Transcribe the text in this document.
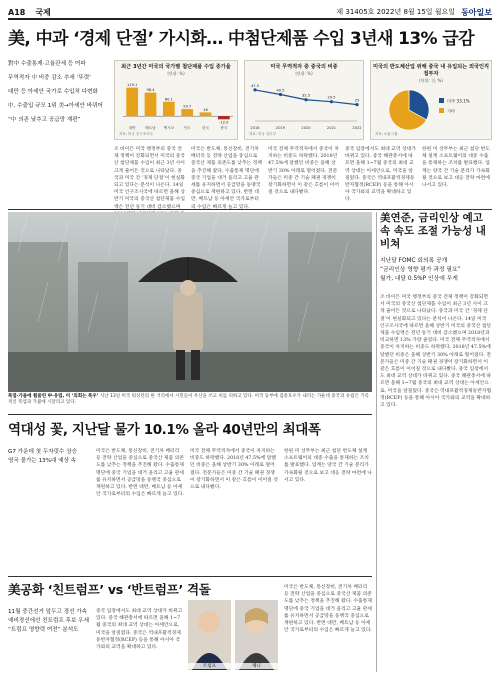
A18 국제	제 31405호 2022년 8월 15일 월요일 동아일보
美, 中과 ‘경제 단절’ 가시화… 中첨단제품 수입 3년새 13% 급감

對中 수출통제·고율관세 등 여파

무역적자 中 비중 감소 추세 ‘뚜렷’

대만 등 아세안 국가로 수입처 다변화

中, 수출입 규모 1위 美→아세안 바뀌어

“中 의존 낮추고 공급망 재편”

최근 3년간 미국의 국가별 첨단제품 수입 증가율
(단위: %)
119.1
대만
98.4
베트남
60.1
멕시코
29.7
인도
16
한국
-12.9
중국
자료: 미국 인구조사국
미국 무역적자 중 중국의 비중
(단위: %)
47.5
2018
40.5
2019
32.5
2020
29.5
2021
25
2022
자료: 미국 상무부
미국의 반도체산업 위해 중국 내 유입되는 외국인직접투자
(단위: 건, %)
미국 33.1%
기타
자료: 로듐그룹
조 바이든 미국 행정부의 중국 견제 정책이 강화되면서 미국의 중국산 첨단제품 수입이 최근 3년 사이 크게 줄어든 것으로 나타났다. 중국과 미국 간 ‘경제 단절’이 현실화되고 있다는 분석이 나온다. 14일 미국 인구조사국에 따르면 올해 상반기 미국의 중국산 첨단제품 수입액은 전년 동기 대비 감소했으며
미국은 반도체, 통신장비, 전기차 배터리 등 전략 산업을 중심으로 중국산 제품 의존도를 낮추는 정책을 추진해 왔다. 수출통제 명단에 중국 기업을 대거 올리고 고율 관세를 유지하면서 공급망을 동맹국 중심으로 재편하고 있다. 반면 대만, 베트남 등 아세안 국가로부터의 수입은 빠르게 늘고 있다.
미국 전체 무역적자에서 중국이 차지하는 비중도 하락했다. 2018년 47.5%에 달했던 비중은 올해 상반기 30% 아래로 떨어졌다. 전문가들은 미중 간 기술 패권 경쟁이 장기화하면서 이 같은 흐름이 이어질 것으로 내다봤다.
중국 입장에서도 최대 교역 상대가 바뀌고 있다. 중국 해관총서에 따르면 올해 1~7월 중국의 최대 교역 상대는 아세안으로, 미국을 앞질렀다. 중국은 역내포괄적경제동반자협정(RCEP) 등을 통해 아시아 국가와의 교역을 확대하고 있다.
한편 미 상무부는 최근 첨단 반도체 설계 소프트웨어의 대중 수출을 통제하는 조치를 발표했다. 업계는 양국 간 기술 분리가 가속화될 것으로 보고 대응 전략 마련에 나서고 있다.
폭염·가뭄에 휩쓸린 中·유럽, 미 ‘의회는 폭우’ 지난 13일 미국 워싱턴의 한 거리에서 시민들이 우산을 쓰고 비를 피하고 있다. 미국 동부에 집중호우가 내리는 가운데 중국과 유럽은 기록적인 폭염과 가뭄에 시달리고 있다.
美연준, 금리인상 예고속 속도 조절 가능성 내비쳐
지난달 FOMC 회의록 공개
“금리인상 영향 평가 과정 필요”
월가, 내달 0.5%P 인상에 무게
조 바이든 미국 행정부의 중국 견제 정책이 강화되면서 미국의 중국산 첨단제품 수입이 최근 3년 사이 크게 줄어든 것으로 나타났다. 중국과 미국 간 ‘경제 단절’이 현실화되고 있다는 분석이 나온다. 14일 미국 인구조사국에 따르면 올해 상반기 미국의 중국산 첨단제품 수입액은 전년 동기 대비 감소했으며 2018년과 비교하면 13% 가량 줄었다. 미국 전체 무역적자에서 중국이 차지하는 비중도 하락했다. 2018년 47.5%에 달했던 비중은 올해 상반기 30% 아래로 떨어졌다. 전문가들은 미중 간 기술 패권 경쟁이 장기화하면서 이 같은 흐름이 이어질 것으로 내다봤다. 중국 입장에서도 최대 교역 상대가 바뀌고 있다. 중국 해관총서에 따르면 올해 1~7월 중국의 최대 교역 상대는 아세안으로, 미국을 앞질렀다. 중국은 역내포괄적경제동반자협정(RCEP) 등을 통해 아시아 국가와의 교역을 확대하고 있다.
역대성 꽃, 지난달 물가 10.1% 올라 40년만의 최대폭
G7 가운데 첫 두자릿수 상승
영국 물가는 13%대 예상 속
미국은 반도체, 통신장비, 전기차 배터리 등 전략 산업을 중심으로 중국산 제품 의존도를 낮추는 정책을 추진해 왔다. 수출통제 명단에 중국 기업을 대거 올리고 고율 관세를 유지하면서 공급망을 동맹국 중심으로 재편하고 있다. 반면 대만, 베트남 등 아세안 국가로부터의 수입은 빠르게 늘고 있다.
미국 전체 무역적자에서 중국이 차지하는 비중도 하락했다. 2018년 47.5%에 달했던 비중은 올해 상반기 30% 아래로 떨어졌다. 전문가들은 미중 간 기술 패권 경쟁이 장기화하면서 이 같은 흐름이 이어질 것으로 내다봤다.
한편 미 상무부는 최근 첨단 반도체 설계 소프트웨어의 대중 수출을 통제하는 조치를 발표했다. 업계는 양국 간 기술 분리가 가속화될 것으로 보고 대응 전략 마련에 나서고 있다.
美공화 ‘친트럼프’ vs ‘반트럼프’ 격돌
11월 중간선거 앞두고 경선 가속
예비경선에선 친트럼프 후보 우세
“트럼프 영향력 여전” 분석도
중국 입장에서도 최대 교역 상대가 바뀌고 있다. 중국 해관총서에 따르면 올해 1~7월 중국의 최대 교역 상대는 아세안으로, 미국을 앞질렀다. 중국은 역내포괄적경제동반자협정(RCEP) 등을 통해 아시아 국가와의 교역을 확대하고 있다.
트럼프	체니
미국은 반도체, 통신장비, 전기차 배터리 등 전략 산업을 중심으로 중국산 제품 의존도를 낮추는 정책을 추진해 왔다. 수출통제 명단에 중국 기업을 대거 올리고 고율 관세를 유지하면서 공급망을 동맹국 중심으로 재편하고 있다. 반면 대만, 베트남 등 아세안 국가로부터의 수입은 빠르게 늘고 있다.
